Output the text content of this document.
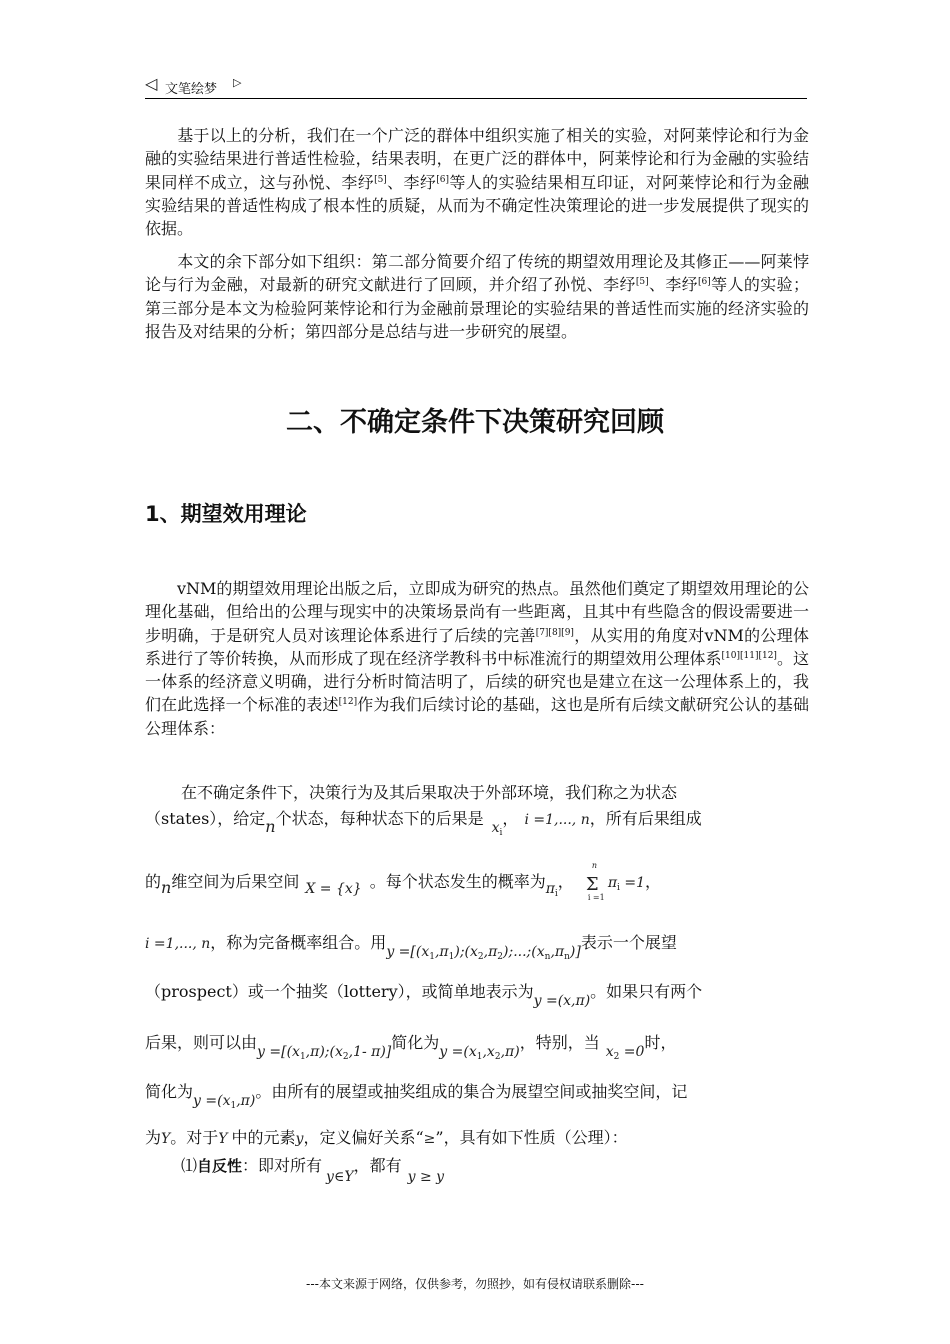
◁ 文笔绘梦 ▷

基于以上的分析，我们在一个广泛的群体中组织实施了相关的实验，对阿莱悖论和行为金融的实验结果进行普适性检验，结果表明，在更广泛的群体中，阿莱悖论和行为金融的实验结果同样不成立，这与孙悦、李纾[5]、李纾[6]等人的实验结果相互印证，对阿莱悖论和行为金融实验结果的普适性构成了根本性的质疑，从而为不确定性决策理论的进一步发展提供了现实的依据。

本文的余下部分如下组织：第二部分简要介绍了传统的期望效用理论及其修正——阿莱悖论与行为金融，对最新的研究文献进行了回顾，并介绍了孙悦、李纾[5]、李纾[6]等人的实验；第三部分是本文为检验阿莱悖论和行为金融前景理论的实验结果的普适性而实施的经济实验的报告及对结果的分析；第四部分是总结与进一步研究的展望。

二、不确定条件下决策研究回顾
1、期望效用理论

vNM的期望效用理论出版之后，立即成为研究的热点。虽然他们奠定了期望效用理论的公理化基础，但给出的公理与现实中的决策场景尚有一些距离，且其中有些隐含的假设需要进一步明确，于是研究人员对该理论体系进行了后续的完善[7][8][9]，从实用的角度对vNM的公理体系进行了等价转换，从而形成了现在经济学教科书中标准流行的期望效用公理体系[10][11][12]。这一体系的经济意义明确，进行分析时简洁明了，后续的研究也是建立在这一公理体系上的，我们在此选择一个标准的表述[12]作为我们后续讨论的基础，这也是所有后续文献研究公认的基础公理体系：

在不确定条件下，决策行为及其后果取决于外部环境，我们称之为状态
（states），给定n个状态，每种状态下的后果是 $x_i$， i =1,..., n，所有后果组成
的n维空间为后果空间 X = {x} 。每个状态发生的概率为$\pi_i$，
n
Σ
i =1
$\pi_i =1$，
i =1,..., n，称为完备概率组合。用$y =[(x_1,\pi_1);(x_2,\pi_2);...;(x_n,\pi_n)]$表示一个展望
（prospect）或一个抽奖（lottery），或简单地表示为y =(x,π)。如果只有两个
后果，则可以由$y =[(x_1,\pi);(x_2,1-$ π)]简化为$y =(x_1,x_2,\pi)$，特别，当 $x_2 =0$时，
简化为$y =(x_1,\pi)$。由所有的展望或抽奖组成的集合为展望空间或抽奖空间，记
为Y。对于Y 中的元素y，定义偏好关系“≥”，具有如下性质（公理）：
⑴自反性：即对所有y∈Y，都有y ≥ y
---本文来源于网络，仅供参考，勿照抄，如有侵权请联系删除---
